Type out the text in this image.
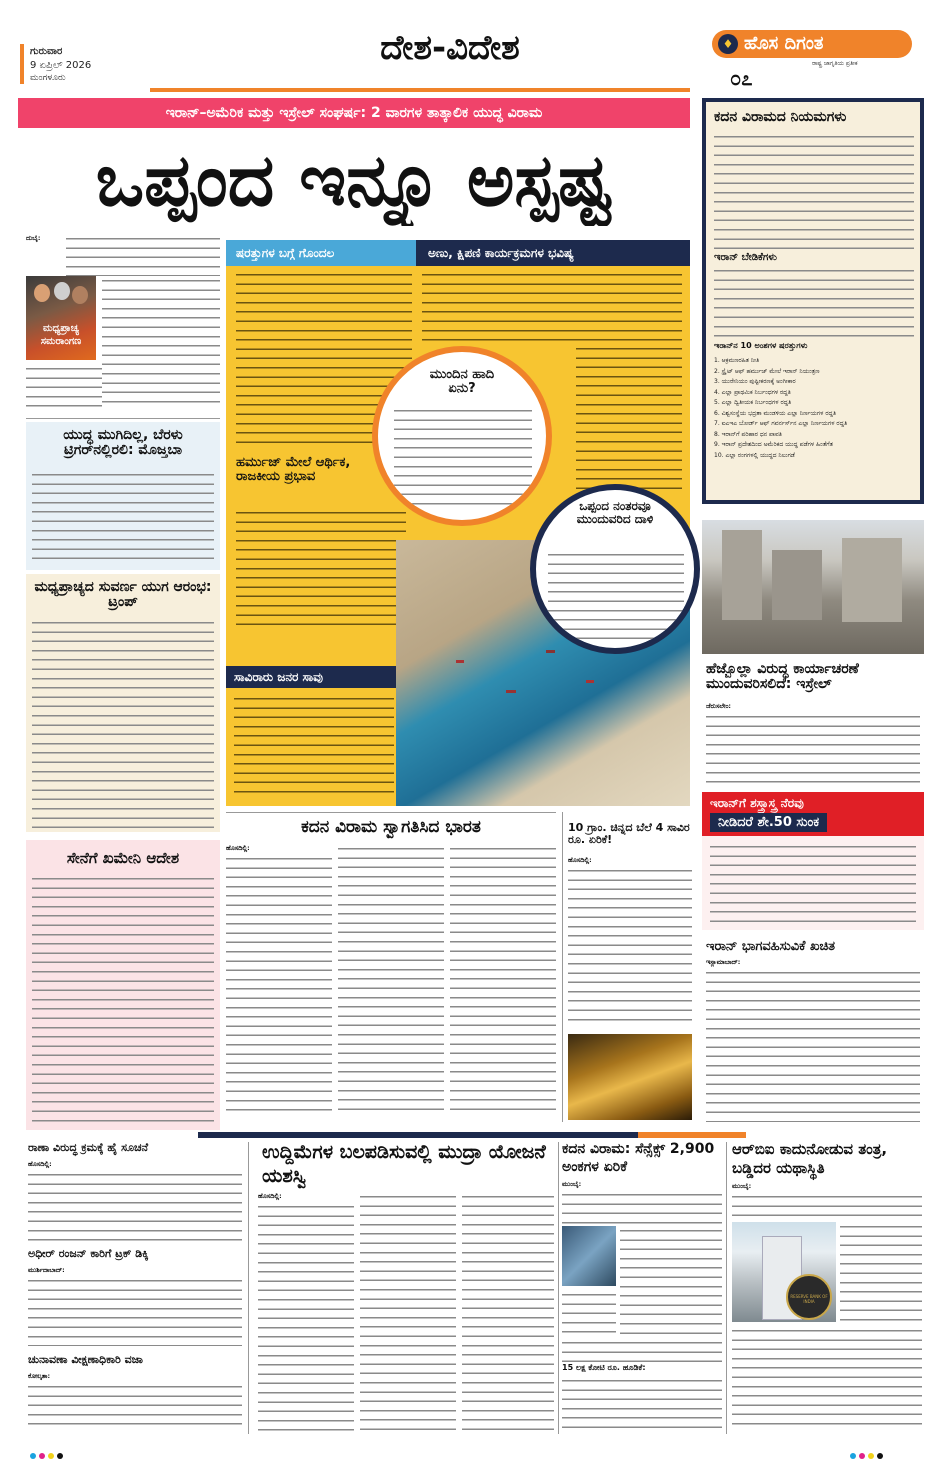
ಗುರುವಾರ
9 ಏಪ್ರಿಲ್ 2026
ಮಂಗಳೂರು
ದೇಶ-ವಿದೇಶ	♦ ಹೊಸ ದಿಗಂತ
ರಾಷ್ಟ್ರ ಜಾಗೃತಿಯ ಪ್ರತೀಕ
೦೭
ಇರಾನ್–ಅಮೆರಿಕ ಮತ್ತು ಇಸ್ರೇಲ್ ಸಂಘರ್ಷ: 2 ವಾರಗಳ ತಾತ್ಕಾಲಿಕ ಯುದ್ಧ ವಿರಾಮ
ಒಪ್ಪಂದ ಇನ್ನೂ ಅಸ್ಪಷ್ಟ
ಮಧ್ಯಪ್ರಾಚ್ಯ
ಸಮರಾಂಗಣ
ದುಬೈ:
ಯುದ್ಧ ಮುಗಿದಿಲ್ಲ, ಬೆರಳು ಟ್ರಿಗರ್‌ನಲ್ಲಿರಲಿ: ಮೊಜ್ತಬಾ
ಮಧ್ಯಪ್ರಾಚ್ಯದ ಸುವರ್ಣ ಯುಗ ಆರಂಭ: ಟ್ರಂಪ್
ಸೇನೆಗೆ ಖಮೇನಿ ಆದೇಶ
ಷರತ್ತುಗಳ ಬಗ್ಗೆ ಗೊಂದಲ	ಅಣು, ಕ್ಷಿಪಣಿ ಕಾರ್ಯಕ್ರಮಗಳ ಭವಿಷ್ಯ
ಹರ್ಮುಜ್ ಮೇಲೆ ಆರ್ಥಿಕ, ರಾಜಕೀಯ ಪ್ರಭಾವ
ಸಾವಿರಾರು ಜನರ ಸಾವು
ಮುಂದಿನ ಹಾದಿ ಏನು?
ಒಪ್ಪಂದ ನಂತರವೂ ಮುಂದುವರಿದ ದಾಳಿ
ಕದನ ವಿರಾಮದ ನಿಯಮಗಳು
ಇರಾನ್ ಬೇಡಿಕೆಗಳು
ಇರಾನ್‌ನ 10 ಅಂಶಗಳ ಷರತ್ತುಗಳು
1. ಆಕ್ರಮಣರಹಿತ ನೀತಿ
2. ಸ್ಟ್ರೈಟ್ ಆಫ್ ಹರ್ಮುಜ್ ಮೇಲೆ ಇರಾನ್ ನಿಯಂತ್ರಣ
3. ಯುರೇನಿಯಂ ಪುಷ್ಟೀಕರಣಕ್ಕೆ ಅಂಗೀಕಾರ
4. ಎಲ್ಲಾ ಪ್ರಾಥಮಿಕ ನಿರ್ಬಂಧಗಳ ರದ್ದತಿ
5. ಎಲ್ಲಾ ದ್ವಿತೀಯಕ ನಿರ್ಬಂಧಗಳ ರದ್ದತಿ
6. ವಿಶ್ವಸಂಸ್ಥೆಯ ಭದ್ರತಾ ಮಂಡಳಿಯ ಎಲ್ಲಾ ನಿರ್ಣಯಗಳ ರದ್ದತಿ
7. ಐಎಇಎ ಬೋರ್ಡ್ ಆಫ್ ಗವರ್ನರ್ಸ್‌ನ ಎಲ್ಲಾ ನಿರ್ಣಯಗಳ ರದ್ದತಿ
8. ಇರಾನ್‌ಗೆ ಪರಿಹಾರ ಧನ ಪಾವತಿ
9. ಇರಾನ್ ಪ್ರದೇಶದಿಂದ ಅಮೆರಿಕದ ಯುದ್ಧ ಪಡೆಗಳ ಹಿಂತೆಗೆತ
10. ಎಲ್ಲಾ ರಂಗಗಳಲ್ಲಿ ಯುದ್ಧದ ನಿಲುಗಡೆ
ಹೆಜ್ಬೊಲ್ಲಾ ವಿರುದ್ಧ ಕಾರ್ಯಾಚರಣೆ ಮುಂದುವರಿಸಲಿದೆ: ಇಸ್ರೇಲ್
ಜೆರುಸಲೇಂ:
ಇರಾನ್‌ಗೆ ಶಸ್ತ್ರಾಸ್ತ್ರ ನೆರವು
ನೀಡಿದರೆ ಶೇ.50 ಸುಂಕ
ಇರಾನ್ ಭಾಗವಹಿಸುವಿಕೆ ಖಚಿತ
ಇಸ್ಲಾಮಾಬಾದ್:
ಕದನ ವಿರಾಮ ಸ್ವಾಗತಿಸಿದ ಭಾರತ
ಹೊಸದಿಲ್ಲಿ:
10 ಗ್ರಾಂ. ಚಿನ್ನದ ಬೆಲೆ 4 ಸಾವಿರ ರೂ. ಏರಿಕೆ!
ಹೊಸದಿಲ್ಲಿ:
ರಾಣಾ ವಿರುದ್ಧ ಕ್ರಮಕ್ಕೆ ಹೈ ಸೂಚನೆ
ಹೊಸದಿಲ್ಲಿ:
ಅಧೀರ್ ರಂಜನ್ ಕಾರಿಗೆ ಟ್ರಕ್ ಡಿಕ್ಕಿ
ಮುರ್ಶಿದಾಬಾದ್:
ಚುನಾವಣಾ ವೀಕ್ಷಣಾಧಿಕಾರಿ ವಜಾ
ಕೋಲ್ಕತಾ:
ಉದ್ದಿಮೆಗಳ ಬಲಪಡಿಸುವಲ್ಲಿ ಮುದ್ರಾ ಯೋಜನೆ ಯಶಸ್ವಿ
ಹೊಸದಿಲ್ಲಿ:
ಕದನ ವಿರಾಮ: ಸೆನ್ಸೆಕ್ಸ್ 2,900 ಅಂಕಗಳ ಏರಿಕೆ
ಮುಂಬೈ:
15 ಲಕ್ಷ ಕೋಟಿ ರೂ. ಹೂಡಿಕೆ:
ಆರ್‌ಬಿಐ ಕಾದುನೋಡುವ ತಂತ್ರ, ಬಡ್ಡಿದರ ಯಥಾಸ್ಥಿತಿ
ಮುಂಬೈ:
RESERVE BANK OF INDIA
